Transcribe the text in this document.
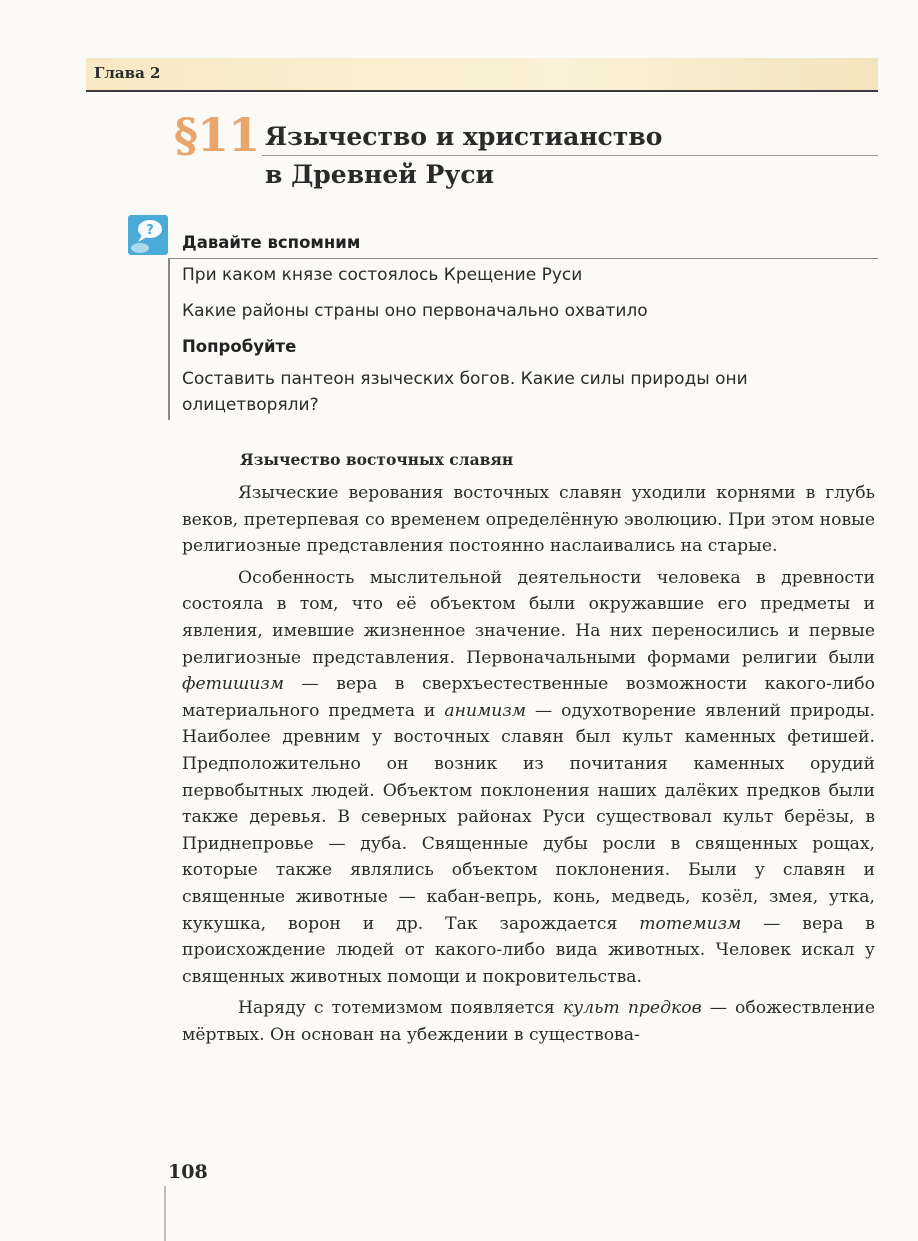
Глава 2
§11 Язычество и христианство
в Древней Руси
?
Давайте вспомним
При каком князе состоялось Крещение Руси
Какие районы страны оно первоначально охватило
Попробуйте
Составить пантеон языческих богов. Какие силы природы они олицетворяли?
Язычество восточных славян

Языческие верования восточных славян уходили корнями в глубь веков, претерпевая со временем определённую эволюцию. При этом новые религиозные представления постоянно наслаивались на старые.

Особенность мыслительной деятельности человека в древности состояла в том, что её объектом были окружавшие его предметы и явления, имевшие жизненное значение. На них переносились и первые религиозные представления. Первоначальными формами религии были фетишизм — вера в сверхъестественные возможности какого-либо материального предмета и анимизм — одухотворение явлений природы. Наиболее древним у восточных славян был культ каменных фетишей. Предположительно он возник из почитания каменных орудий первобытных людей. Объектом поклонения наших далёких предков были также деревья. В северных районах Руси существовал культ берёзы, в Приднепровье — дуба. Священные дубы росли в священных рощах, которые также являлись объектом поклонения. Были у славян и священные животные — кабан-вепрь, конь, медведь, козёл, змея, утка, кукушка, ворон и др. Так зарождается тотемизм — вера в происхождение людей от какого-либо вида животных. Человек искал у священных животных помощи и покровительства.

Наряду с тотемизмом появляется культ предков — обожествление мёртвых. Он основан на убеждении в существова-

108
